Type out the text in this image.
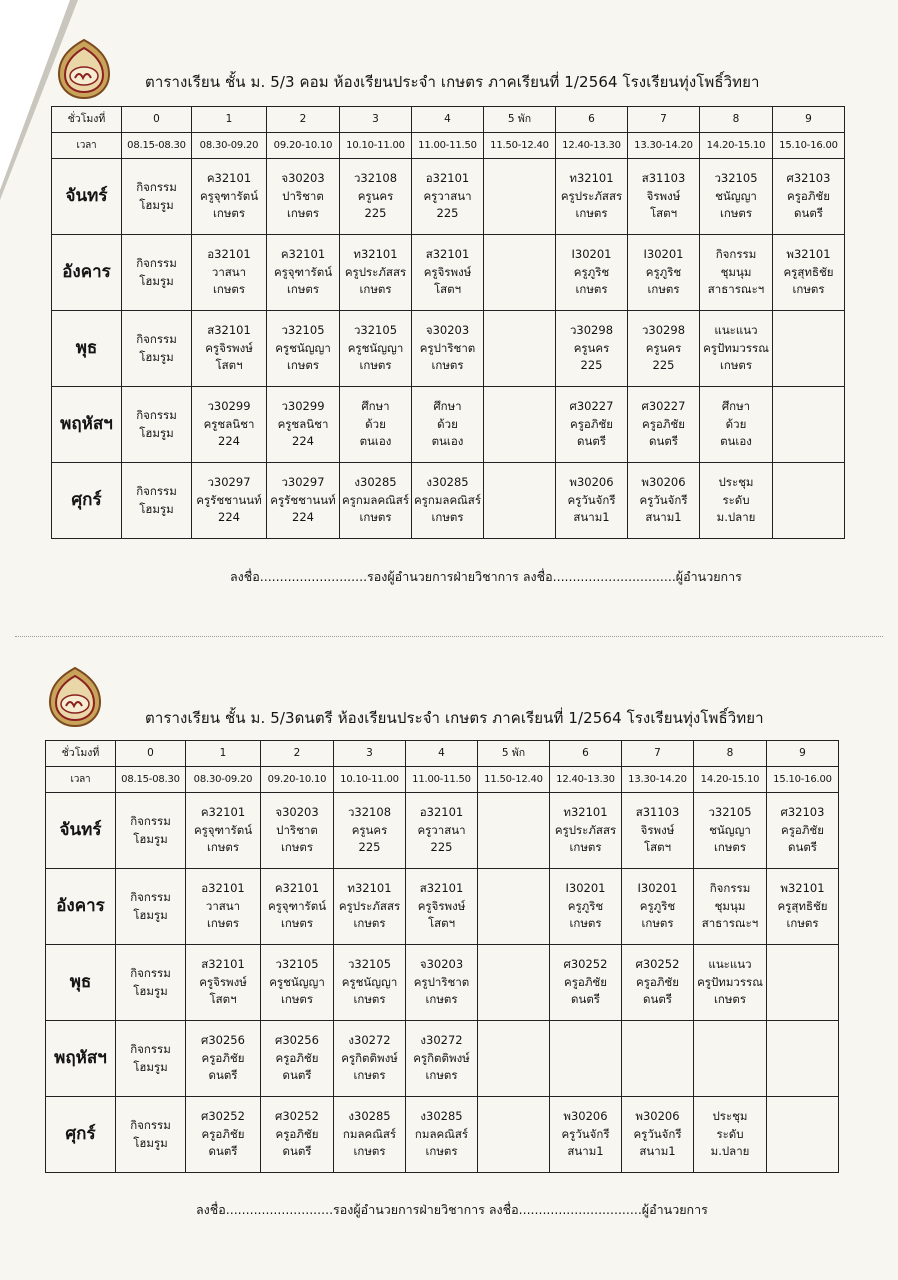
ตารางเรียน ชั้น ม. 5/3 คอม ห้องเรียนประจำ เกษตร ภาคเรียนที่ 1/2564 โรงเรียนทุ่งโพธิ์วิทยา
ชั่วโมงที่	0	1	2	3	4	5 พัก	6	7	8	9
เวลา	08.15-08.30	08.30-09.20	09.20-10.10	10.10-11.00	11.00-11.50	11.50-12.40	12.40-13.30	13.30-14.20	14.20-15.10	15.10-16.00
จันทร์	กิจกรรม
โฮมรูม	ค32101
ครูจุฑารัตน์
เกษตร	จ30203
ปาริชาต
เกษตร	ว32108
ครูนคร
225	อ32101
ครูวาสนา
225		ท32101
ครูประภัสสร
เกษตร	ส31103
จิรพงษ์
โสตฯ	ว32105
ชนัญญา
เกษตร	ศ32103
ครูอภิชัย
ดนตรี

อังคาร	กิจกรรม
โฮมรูม	อ32101
วาสนา
เกษตร	ค32101
ครูจุฑารัตน์
เกษตร	ท32101
ครูประภัสสร
เกษตร	ส32101
ครูจิรพงษ์
โสตฯ		I30201
ครูภูริช
เกษตร	I30201
ครูภูริช
เกษตร	กิจกรรม
ชุมนุม
สาธารณะฯ	พ32101
ครูสุทธิชัย
เกษตร

พุธ	กิจกรรม
โฮมรูม	ส32101
ครูจิรพงษ์
โสตฯ	ว32105
ครูชนัญญา
เกษตร	ว32105
ครูชนัญญา
เกษตร	จ30203
ครูปาริชาต
เกษตร		ว30298
ครูนคร
225	ว30298
ครูนคร
225	แนะแนว
ครูปัทมวรรณ
เกษตร	

พฤหัสฯ	กิจกรรม
โฮมรูม	ว30299
ครูชลนิชา
224	ว30299
ครูชลนิชา
224	ศึกษา
ด้วย
ตนเอง	ศึกษา
ด้วย
ตนเอง		ศ30227
ครูอภิชัย
ดนตรี	ศ30227
ครูอภิชัย
ดนตรี	ศึกษา
ด้วย
ตนเอง	

ศุกร์	กิจกรรม
โฮมรูม	ว30297
ครูรัชชานนท์
224	ว30297
ครูรัชชานนท์
224	ง30285
ครูกมลคณิสร์
เกษตร	ง30285
ครูกมลคณิสร์
เกษตร		พ30206
ครูวันจักรี
สนาม1	พ30206
ครูวันจักรี
สนาม1	ประชุม
ระดับ
ม.ปลาย	

ลงชื่อ...........................รองผู้อำนวยการฝ่ายวิชาการ ลงชื่อ...............................ผู้อำนวยการ
ตารางเรียน ชั้น ม. 5/3ดนตรี ห้องเรียนประจำ เกษตร ภาคเรียนที่ 1/2564 โรงเรียนทุ่งโพธิ์วิทยา
ชั่วโมงที่	0	1	2	3	4	5 พัก	6	7	8	9
เวลา	08.15-08.30	08.30-09.20	09.20-10.10	10.10-11.00	11.00-11.50	11.50-12.40	12.40-13.30	13.30-14.20	14.20-15.10	15.10-16.00
จันทร์	กิจกรรม
โฮมรูม	ค32101
ครูจุฑารัตน์
เกษตร	จ30203
ปาริชาต
เกษตร	ว32108
ครูนคร
225	อ32101
ครูวาสนา
225		ท32101
ครูประภัสสร
เกษตร	ส31103
จิรพงษ์
โสตฯ	ว32105
ชนัญญา
เกษตร	ศ32103
ครูอภิชัย
ดนตรี

อังคาร	กิจกรรม
โฮมรูม	อ32101
วาสนา
เกษตร	ค32101
ครูจุฑารัตน์
เกษตร	ท32101
ครูประภัสสร
เกษตร	ส32101
ครูจิรพงษ์
โสตฯ		I30201
ครูภูริช
เกษตร	I30201
ครูภูริช
เกษตร	กิจกรรม
ชุมนุม
สาธารณะฯ	พ32101
ครูสุทธิชัย
เกษตร

พุธ	กิจกรรม
โฮมรูม	ส32101
ครูจิรพงษ์
โสตฯ	ว32105
ครูชนัญญา
เกษตร	ว32105
ครูชนัญญา
เกษตร	จ30203
ครูปาริชาต
เกษตร		ศ30252
ครูอภิชัย
ดนตรี	ศ30252
ครูอภิชัย
ดนตรี	แนะแนว
ครูปัทมวรรณ
เกษตร	

พฤหัสฯ	กิจกรรม
โฮมรูม	ศ30256
ครูอภิชัย
ดนตรี	ศ30256
ครูอภิชัย
ดนตรี	ง30272
ครูกิตติพงษ์
เกษตร	ง30272
ครูกิตติพงษ์
เกษตร					

ศุกร์	กิจกรรม
โฮมรูม	ศ30252
ครูอภิชัย
ดนตรี	ศ30252
ครูอภิชัย
ดนตรี	ง30285
กมลคณิสร์
เกษตร	ง30285
กมลคณิสร์
เกษตร		พ30206
ครูวันจักรี
สนาม1	พ30206
ครูวันจักรี
สนาม1	ประชุม
ระดับ
ม.ปลาย	

ลงชื่อ...........................รองผู้อำนวยการฝ่ายวิชาการ ลงชื่อ...............................ผู้อำนวยการ
